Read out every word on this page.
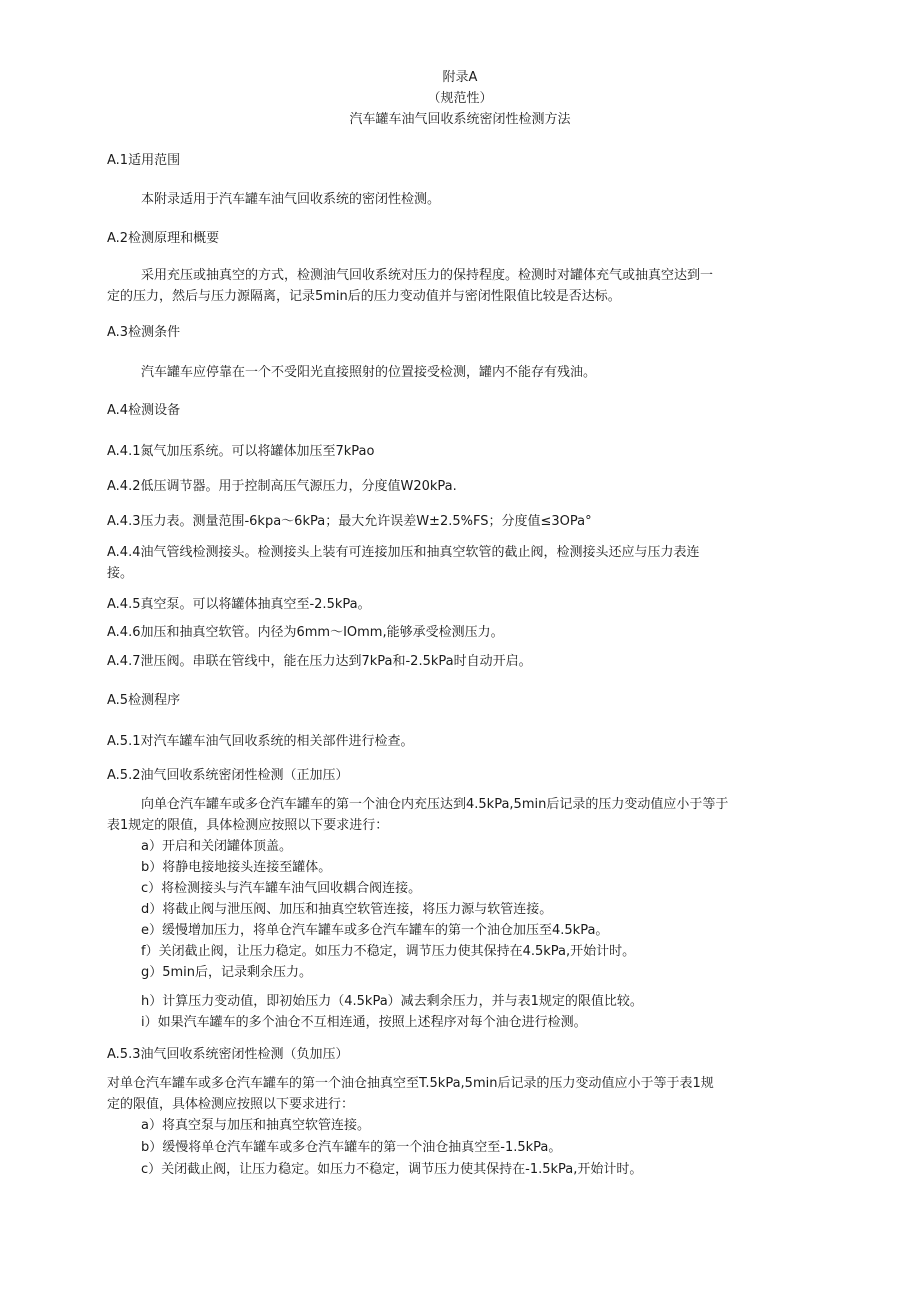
附录A
（规范性）
汽车罐车油气回收系统密闭性检测方法
A.1适用范围
本附录适用于汽车罐车油气回收系统的密闭性检测。
A.2检测原理和概要
采用充压或抽真空的方式，检测油气回收系统对压力的保持程度。检测时对罐体充气或抽真空达到一
定的压力，然后与压力源隔离，记录5min后的压力变动值并与密闭性限值比较是否达标。
A.3检测条件
汽车罐车应停靠在一个不受阳光直接照射的位置接受检测，罐内不能存有残油。
A.4检测设备
A.4.1氮气加压系统。可以将罐体加压至7kPao
A.4.2低压调节器。用于控制高压气源压力，分度值W20kPa.
A.4.3压力表。测量范围-6kpa～6kPa；最大允许误差W±2.5%FS；分度值≤3OPa°
A.4.4油气管线检测接头。检测接头上装有可连接加压和抽真空软管的截止阀，检测接头还应与压力表连
接。
A.4.5真空泵。可以将罐体抽真空至-2.5kPa。
A.4.6加压和抽真空软管。内径为6mm～IOmm,能够承受检测压力。
A.4.7泄压阀。串联在管线中，能在压力达到7kPa和-2.5kPa时自动开启。
A.5检测程序
A.5.1对汽车罐车油气回收系统的相关部件进行检查。
A.5.2油气回收系统密闭性检测（正加压）
向单仓汽车罐车或多仓汽车罐车的第一个油仓内充压达到4.5kPa,5min后记录的压力变动值应小于等于
表1规定的限值，具体检测应按照以下要求进行：
a）开启和关闭罐体顶盖。
b）将静电接地接头连接至罐体。
c）将检测接头与汽车罐车油气回收耦合阀连接。
d）将截止阀与泄压阀、加压和抽真空软管连接，将压力源与软管连接。
e）缓慢增加压力，将单仓汽车罐车或多仓汽车罐车的第一个油仓加压至4.5kPa。
f）关闭截止阀，让压力稳定。如压力不稳定，调节压力使其保持在4.5kPa,开始计时。
g）5min后，记录剩余压力。
h）计算压力变动值，即初始压力（4.5kPa）减去剩余压力，并与表1规定的限值比较。
i）如果汽车罐车的多个油仓不互相连通，按照上述程序对每个油仓进行检测。
A.5.3油气回收系统密闭性检测（负加压）
对单仓汽车罐车或多仓汽车罐车的第一个油仓抽真空至T.5kPa,5min后记录的压力变动值应小于等于表1规
定的限值，具体检测应按照以下要求进行：
a）将真空泵与加压和抽真空软管连接。
b）缓慢将单仓汽车罐车或多仓汽车罐车的第一个油仓抽真空至-1.5kPa。
c）关闭截止阀，让压力稳定。如压力不稳定，调节压力使其保持在-1.5kPa,开始计时。
